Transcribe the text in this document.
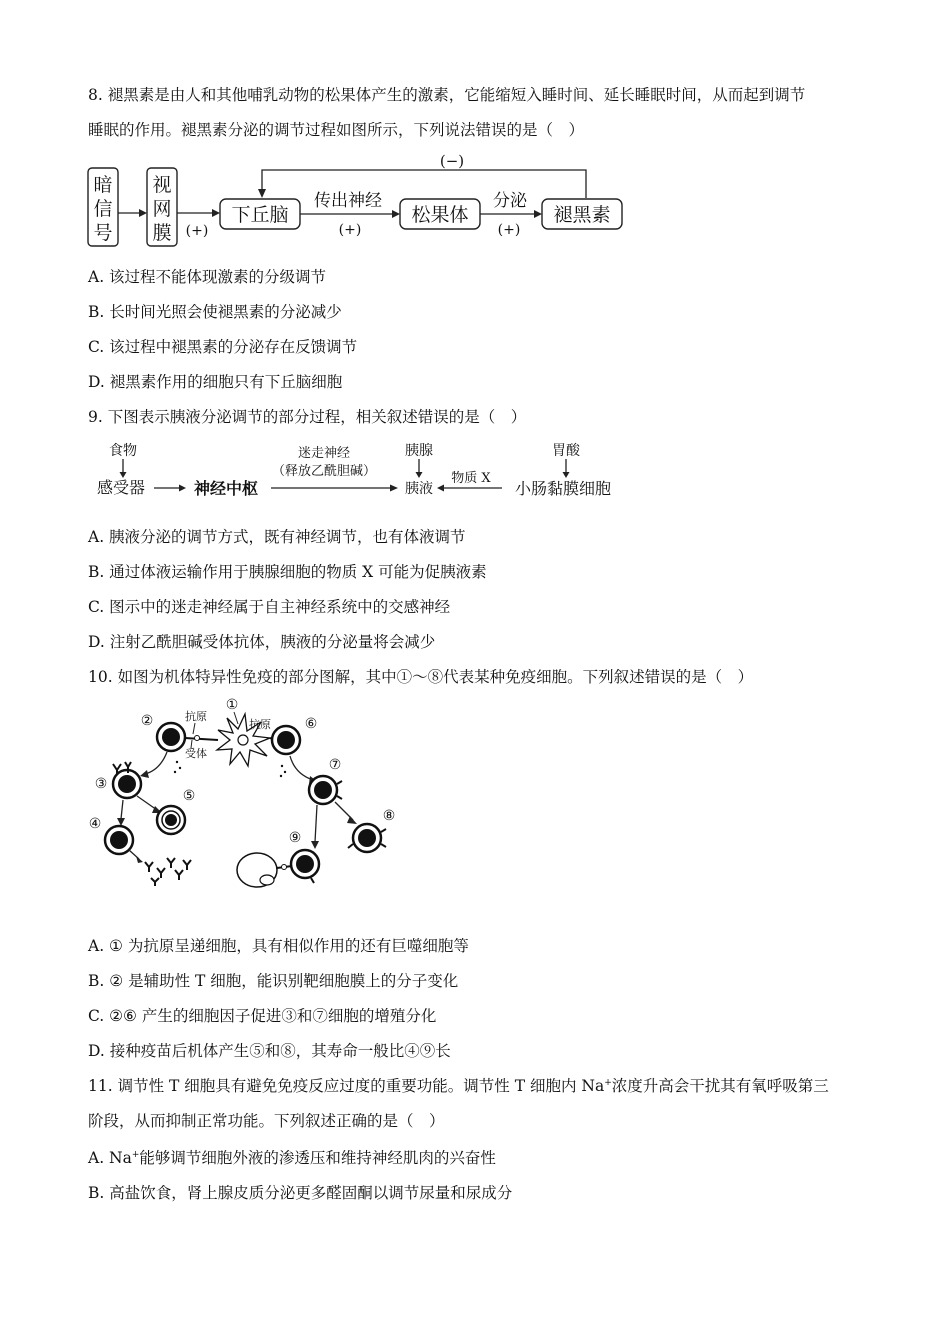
8. 褪黑素是由人和其他哺乳动物的松果体产生的激素，它能缩短入睡时间、延长睡眠时间，从而起到调节
睡眠的作用。褪黑素分泌的调节过程如图所示，下列说法错误的是（　）
(−)
暗
信
号
视
网
膜 (+)
下丘脑
传出神经
(+)
松果体
分泌
(+)
褪黑素
A. 该过程不能体现激素的分级调节
B. 长时间光照会使褪黑素的分泌减少
C. 该过程中褪黑素的分泌存在反馈调节
D. 褪黑素作用的细胞只有下丘脑细胞
9. 下图表示胰液分泌调节的部分过程，相关叙述错误的是（　）
食物
感受器	神经中枢
迷走神经
（释放乙酰胆碱）
胰腺
胰液
物质 X
胃酸
小肠黏膜细胞
A. 胰液分泌的调节方式，既有神经调节，也有体液调节
B. 通过体液运输作用于胰腺细胞的物质 X 可能为促胰液素
C. 图示中的迷走神经属于自主神经系统中的交感神经
D. 注射乙酰胆碱受体抗体，胰液的分泌量将会减少
10. 如图为机体特异性免疫的部分图解，其中①～⑧代表某种免疫细胞。下列叙述错误的是（　）
①
抗原
抗原
受体
②	⑥
③
④
⑤
⑦
⑧
⑨
A. ① 为抗原呈递细胞，具有相似作用的还有巨噬细胞等
B. ② 是辅助性 T 细胞，能识别靶细胞膜上的分子变化
C. ②⑥ 产生的细胞因子促进③和⑦细胞的增殖分化
D. 接种疫苗后机体产生⑤和⑧，其寿命一般比④⑨长
11. 调节性 T 细胞具有避免免疫反应过度的重要功能。调节性 T 细胞内 Na+浓度升高会干扰其有氧呼吸第三
阶段，从而抑制正常功能。下列叙述正确的是（　）
A. Na+能够调节细胞外液的渗透压和维持神经肌肉的兴奋性
B. 高盐饮食，肾上腺皮质分泌更多醛固酮以调节尿量和尿成分
